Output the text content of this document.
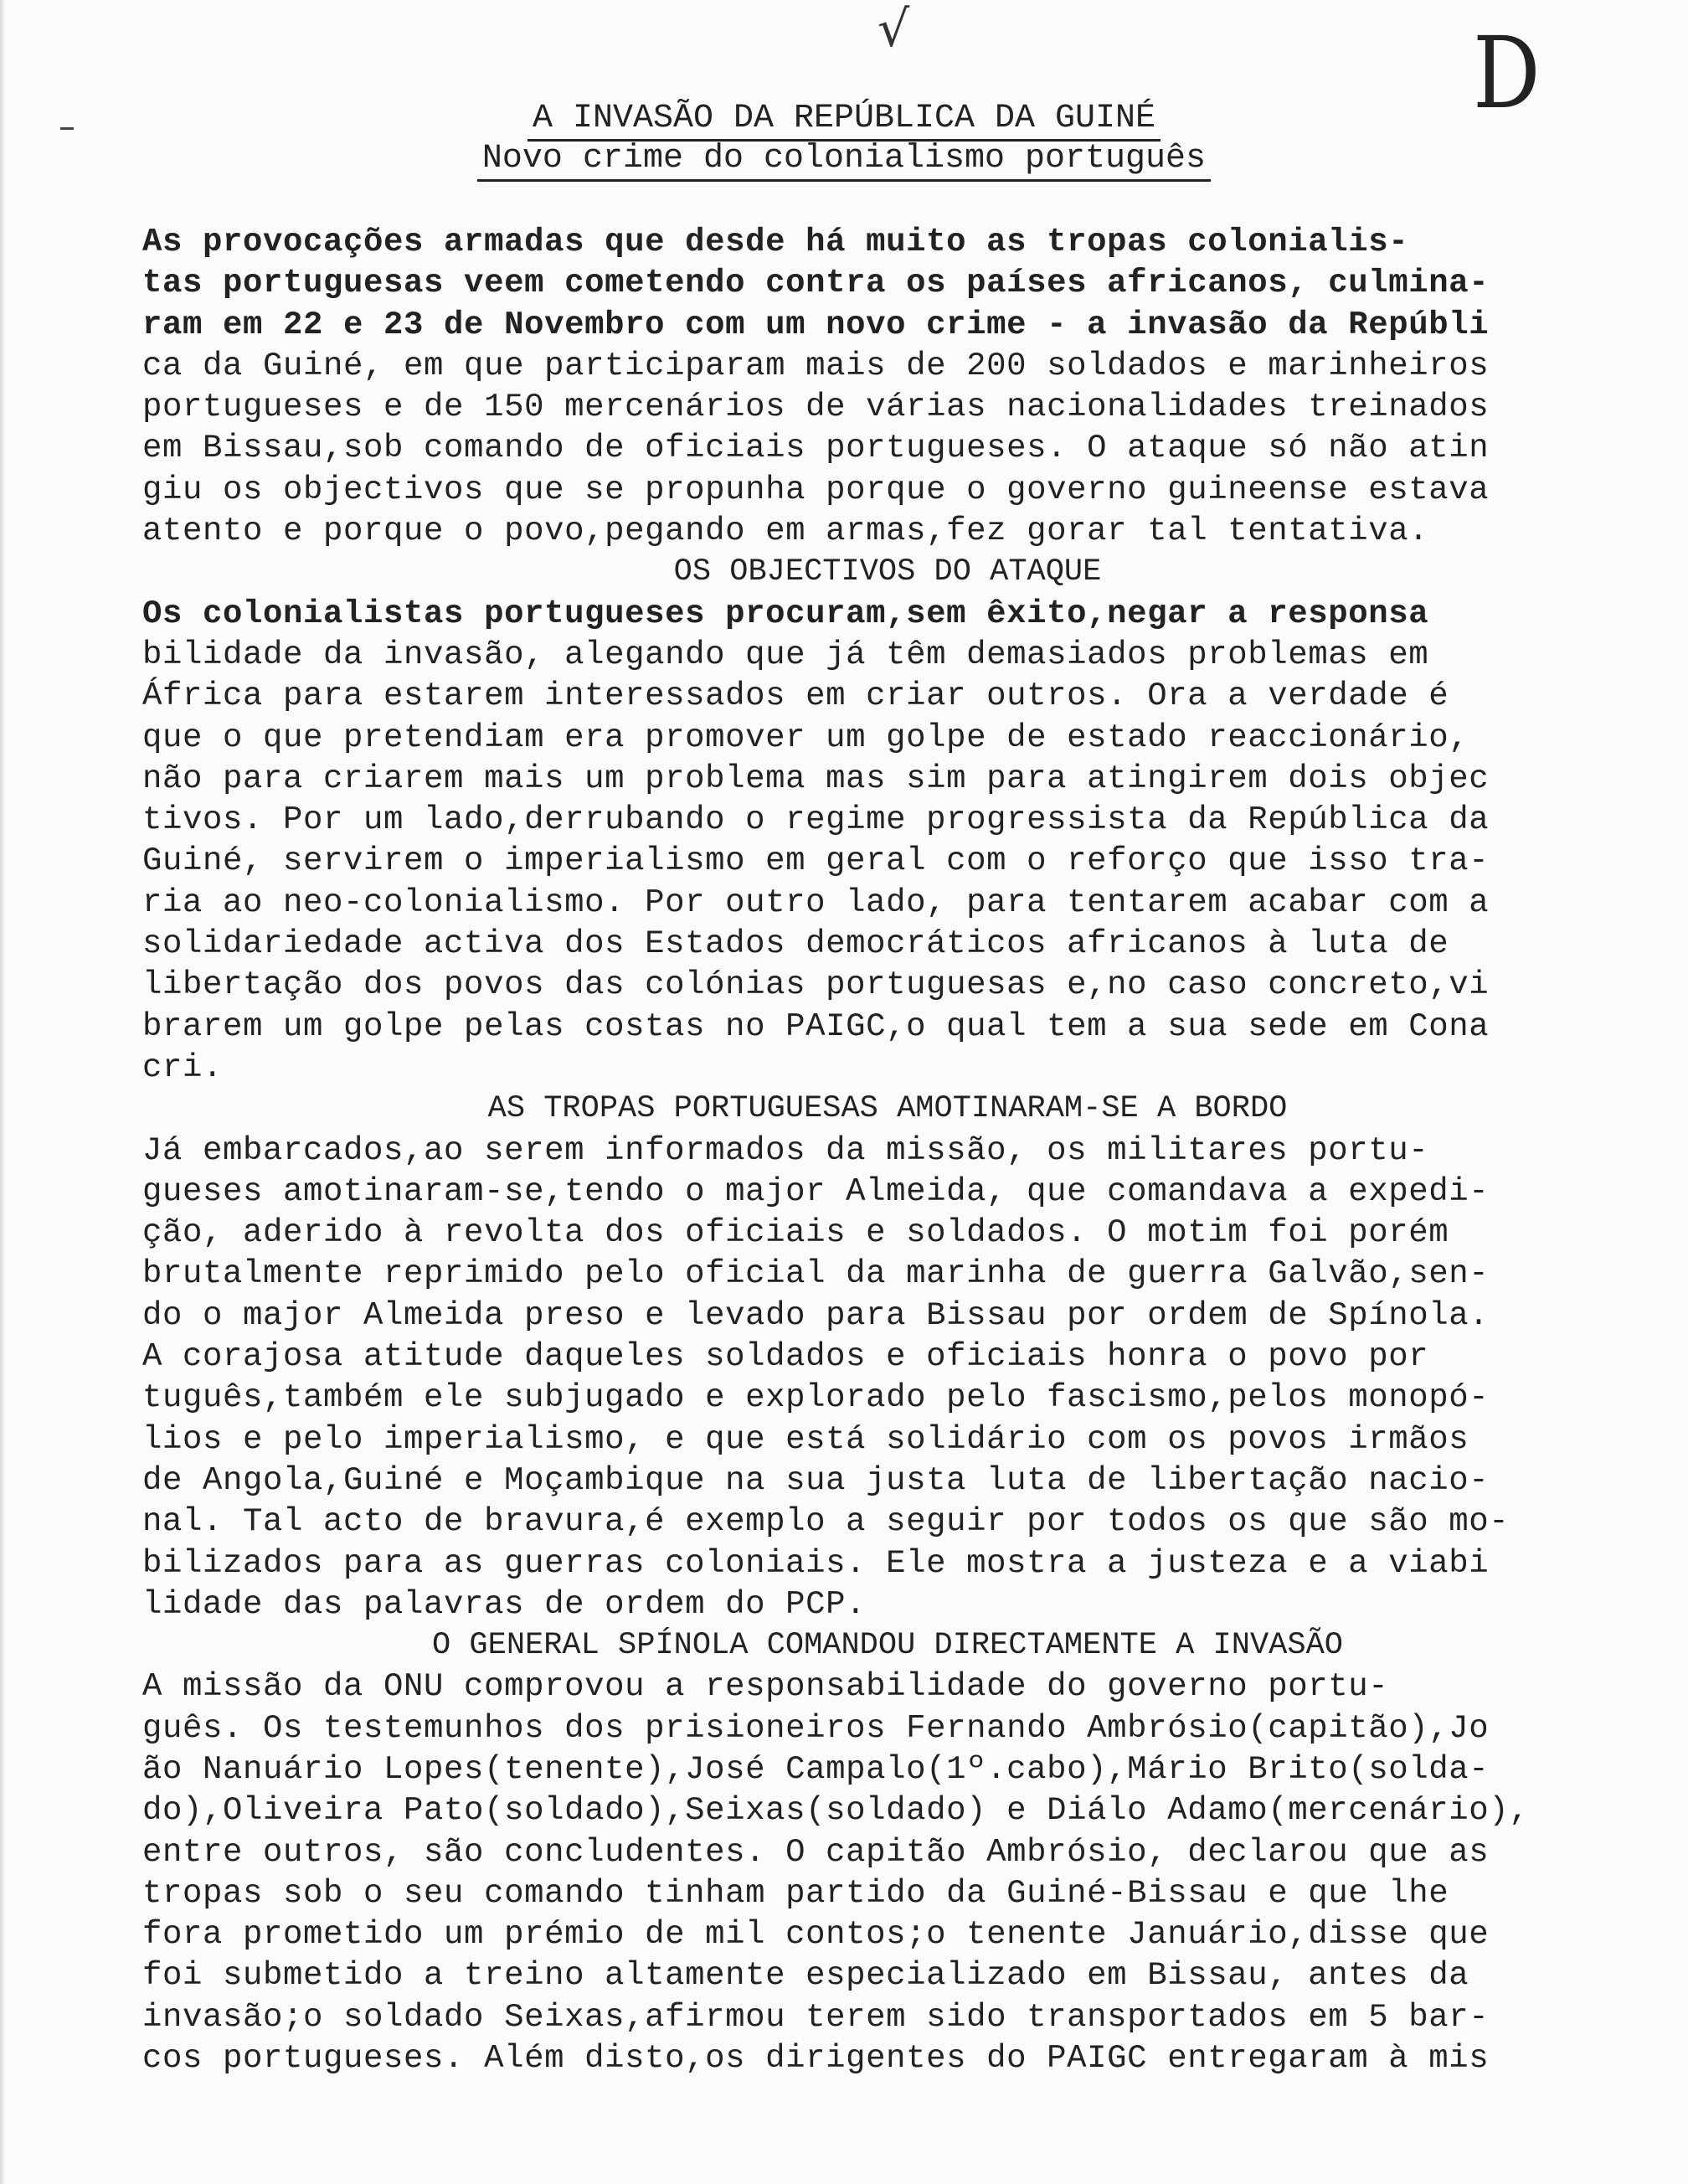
√	D
A INVASÃO DA REPÚBLICA DA GUINÉ
Novo crime do colonialismo português
As provocações armadas que desde há muito as tropas colonialis-
tas portuguesas veem cometendo contra os países africanos, culmina-
ram em 22 e 23 de Novembro com um novo crime - a invasão da Repúbli
ca da Guiné, em que participaram mais de 200 soldados e marinheiros
portugueses e de 150 mercenários de várias nacionalidades treinados
em Bissau,sob comando de oficiais portugueses. O ataque só não atin
giu os objectivos que se propunha porque o governo guineense estava
atento e porque o povo,pegando em armas,fez gorar tal tentativa.
OS OBJECTIVOS DO ATAQUE
Os colonialistas portugueses procuram,sem êxito,negar a responsa
bilidade da invasão, alegando que já têm demasiados problemas em
África para estarem interessados em criar outros. Ora a verdade é
que o que pretendiam era promover um golpe de estado reaccionário,
não para criarem mais um problema mas sim para atingirem dois objec
tivos. Por um lado,derrubando o regime progressista da República da
Guiné, servirem o imperialismo em geral com o reforço que isso tra-
ria ao neo-colonialismo. Por outro lado, para tentarem acabar com a
solidariedade activa dos Estados democráticos africanos à luta de
libertação dos povos das colónias portuguesas e,no caso concreto,vi
brarem um golpe pelas costas no PAIGC,o qual tem a sua sede em Cona
cri.
AS TROPAS PORTUGUESAS AMOTINARAM-SE A BORDO
Já embarcados,ao serem informados da missão, os militares portu-
gueses amotinaram-se,tendo o major Almeida, que comandava a expedi-
ção, aderido à revolta dos oficiais e soldados. O motim foi porém
brutalmente reprimido pelo oficial da marinha de guerra Galvão,sen-
do o major Almeida preso e levado para Bissau por ordem de Spínola.
A corajosa atitude daqueles soldados e oficiais honra o povo por
tuguês,também ele subjugado e explorado pelo fascismo,pelos monopó-
lios e pelo imperialismo, e que está solidário com os povos irmãos
de Angola,Guiné e Moçambique na sua justa luta de libertação nacio-
nal. Tal acto de bravura,é exemplo a seguir por todos os que são mo-
bilizados para as guerras coloniais. Ele mostra a justeza e a viabi
lidade das palavras de ordem do PCP.
O GENERAL SPÍNOLA COMANDOU DIRECTAMENTE A INVASÃO
A missão da ONU comprovou a responsabilidade do governo portu-
guês. Os testemunhos dos prisioneiros Fernando Ambrósio(capitão),Jo
ão Nanuário Lopes(tenente),José Campalo(1º.cabo),Mário Brito(solda-
do),Oliveira Pato(soldado),Seixas(soldado) e Diálo Adamo(mercenário),
entre outros, são concludentes. O capitão Ambrósio, declarou que as
tropas sob o seu comando tinham partido da Guiné-Bissau e que lhe
fora prometido um prémio de mil contos;o tenente Januário,disse que
foi submetido a treino altamente especializado em Bissau, antes da
invasão;o soldado Seixas,afirmou terem sido transportados em 5 bar-
cos portugueses. Além disto,os dirigentes do PAIGC entregaram à mis
